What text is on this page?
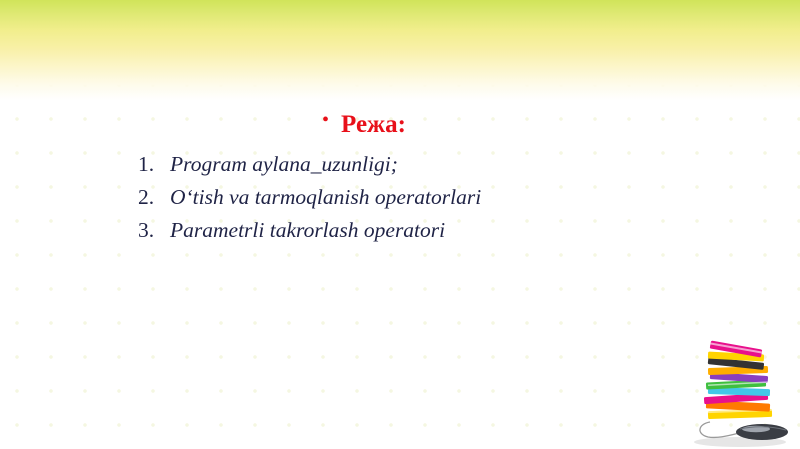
• Режа:
1. Program aylana_uzunligi;
2. O‘tish va tarmoqlanish operatorlari
3. Parametrli takrorlash operatori
